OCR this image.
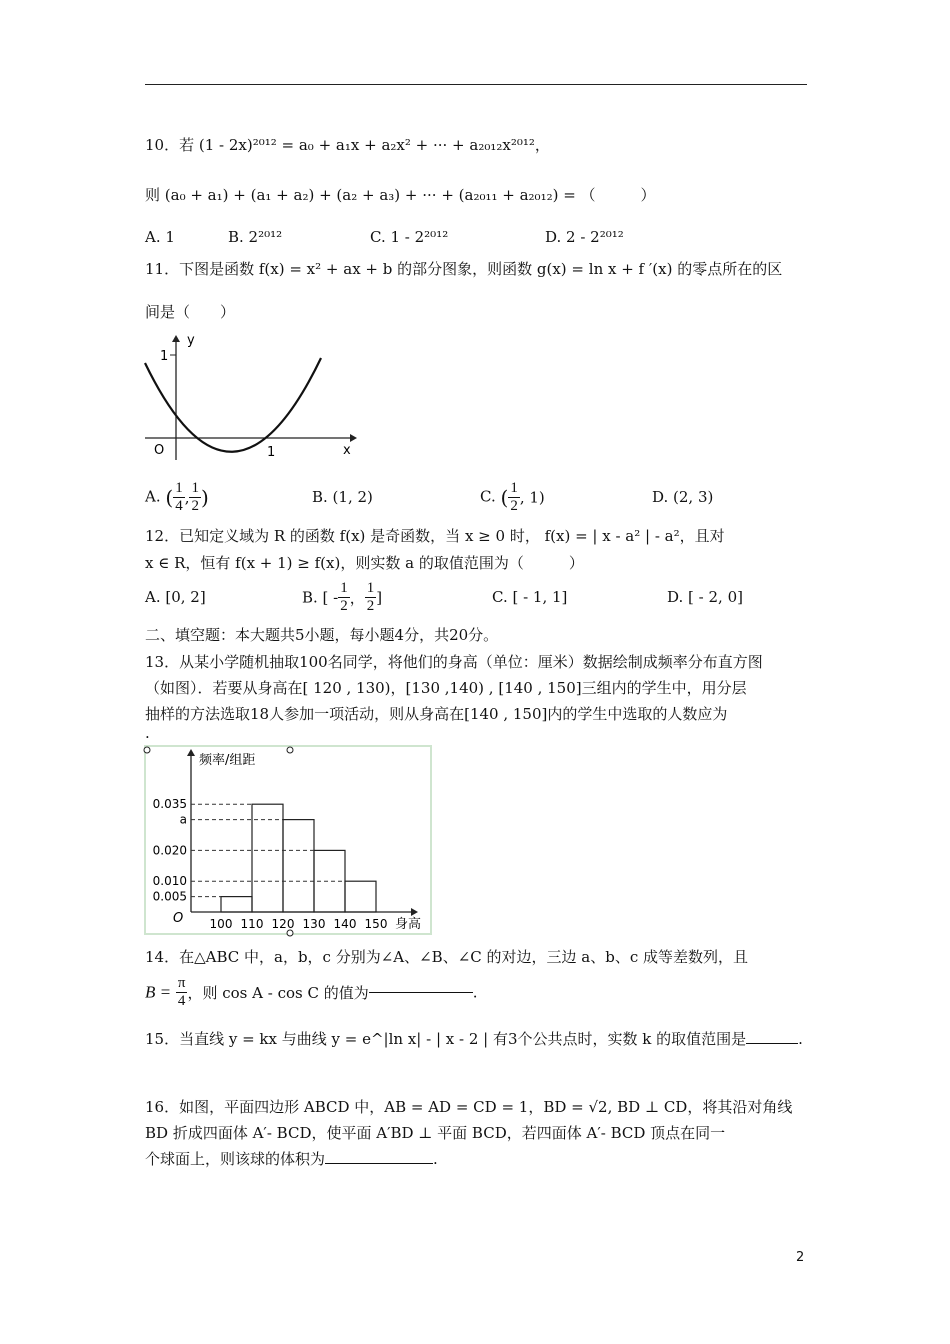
10．若 (1 - 2x)²⁰¹² = a₀ + a₁x + a₂x² + ··· + a₂₀₁₂x²⁰¹²，
则 (a₀ + a₁) + (a₁ + a₂) + (a₂ + a₃) + ··· + (a₂₀₁₁ + a₂₀₁₂) = （　　　）
A. 1	B. 2²⁰¹²	C. 1 - 2²⁰¹²	D. 2 - 2²⁰¹²
11．下图是函数 f(x) = x² + ax + b 的部分图象，则函数 g(x) = ln x + f ′(x) 的零点所在的区
间是（　　）
y
x
O
1
1
A. ( $\frac{1}{4}$ , $\frac{1}{2}$ )	B. (1, 2)	C. ( $\frac{1}{2}$ , 1)	D. (2, 3)
12．已知定义域为 R 的函数 f(x) 是奇函数，当 x ≥ 0 时， f(x) = | x - a² | - a²，且对
x ∈ R，恒有 f(x + 1) ≥ f(x)，则实数 a 的取值范围为（　　　）
A. [0, 2]	B. [ - $\frac{1}{2}$ ， $\frac{1}{2}$ ]	C. [ - 1, 1]	D. [ - 2, 0]
二、填空题：本大题共5小题，每小题4分，共20分。
13．从某小学随机抽取100名同学，将他们的身高（单位：厘米）数据绘制成频率分布直方图
（如图）．若要从身高在[ 120 , 130)，[130 ,140) , [140 , 150]三组内的学生中，用分层
抽样的方法选取18人参加一项活动，则从身高在[140 , 150]内的学生中选取的人数应为
.
频率/组距
身高
O
0.035
a
0.020
0.010
0.005
100 110 120 130 140 150
14．在△ABC 中，a，b，c 分别为∠A、∠B、∠C 的对边，三边 a、b、c 成等差数列，且
$B = \frac{\pi}{4}$ ，则 cos A - cos C 的值为	.
15．当直线 y = kx 与曲线 y = e^|ln x| - | x - 2 | 有3个公共点时，实数 k 的取值范围是	.
16．如图，平面四边形 ABCD 中，AB = AD = CD = 1，BD = √2, BD ⊥ CD，将其沿对角线
BD 折成四面体 A′- BCD，使平面 A′BD ⊥ 平面 BCD，若四面体 A′- BCD 顶点在同一
个球面上，则该球的体积为	.
2
